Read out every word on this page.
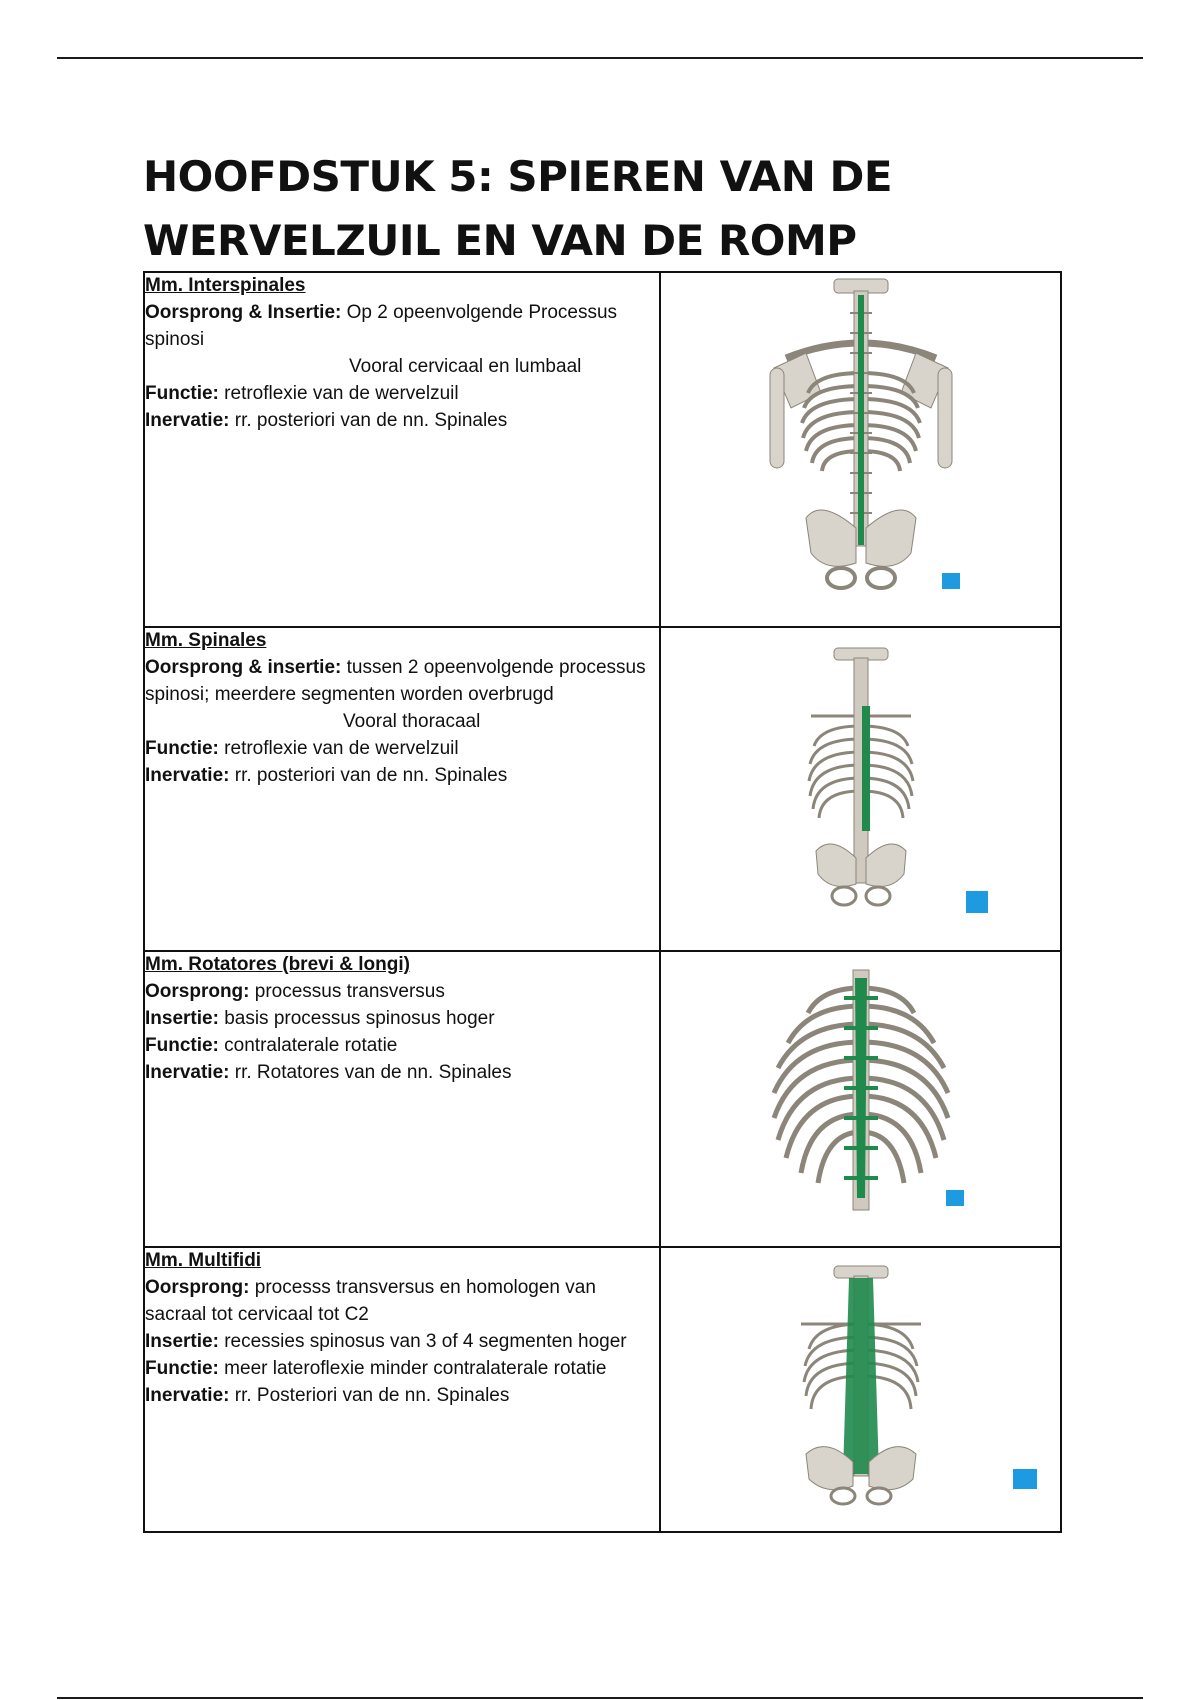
HOOFDSTUK 5: SPIEREN VAN DE
WERVELZUIL EN VAN DE ROMP
Mm. Interspinales
Oorsprong & Insertie: Op 2 opeenvolgende Processus spinosi
Vooral cervicaal en lumbaal
Functie: retroflexie van de wervelzuil
Inervatie: rr. posteriori van de nn. Spinales

Mm. Spinales
Oorsprong & insertie: tussen 2 opeenvolgende processus spinosi; meerdere segmenten worden overbrugd
Vooral thoracaal
Functie: retroflexie van de wervelzuil
Inervatie: rr. posteriori van de nn. Spinales

Mm. Rotatores (brevi & longi)
Oorsprong: processus transversus
Insertie: basis processus spinosus hoger
Functie: contralaterale rotatie
Inervatie: rr. Rotatores van de nn. Spinales

Mm. Multifidi
Oorsprong: processs transversus en homologen van sacraal tot cervicaal tot C2
Insertie: recessies spinosus van 3 of 4 segmenten hoger
Functie: meer lateroflexie minder contralaterale rotatie
Inervatie: rr. Posteriori van de nn. Spinales
